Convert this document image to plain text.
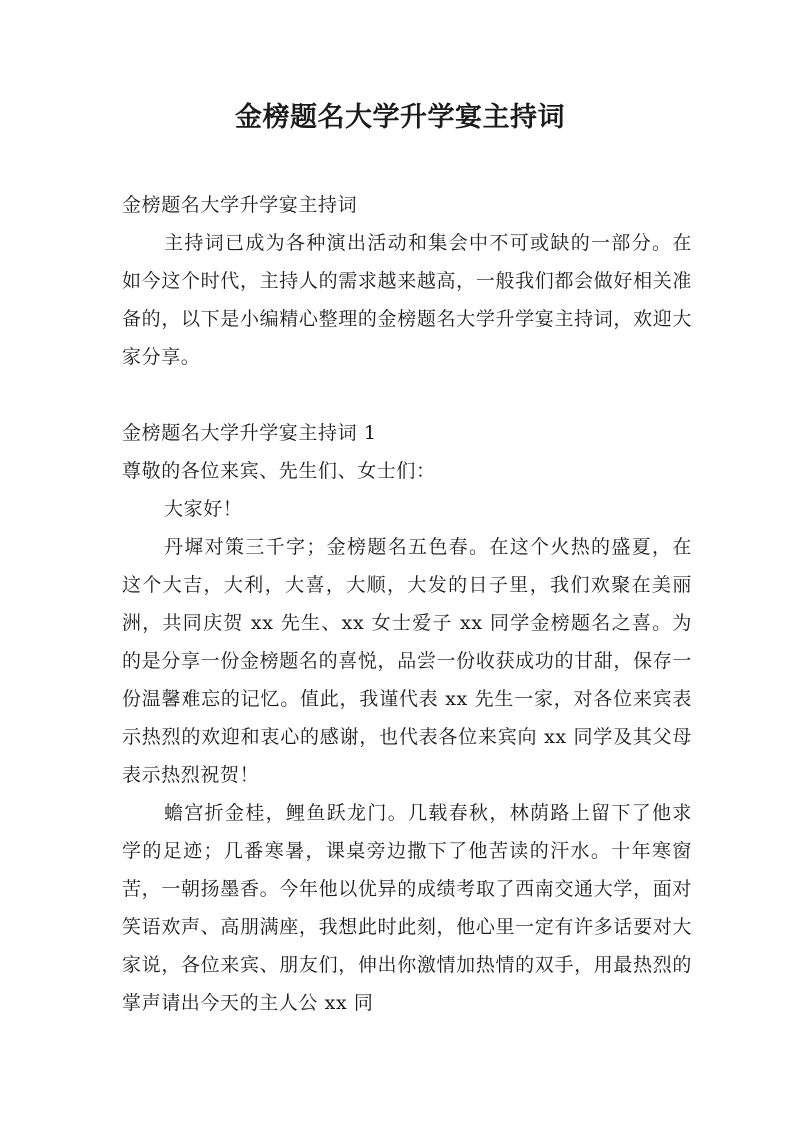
金榜题名大学升学宴主持词

金榜题名大学升学宴主持词

主持词已成为各种演出活动和集会中不可或缺的一部分。在如今这个时代，主持人的需求越来越高，一般我们都会做好相关准备的，以下是小编精心整理的金榜题名大学升学宴主持词，欢迎大家分享。

金榜题名大学升学宴主持词 1

尊敬的各位来宾、先生们、女士们：

大家好！

丹墀对策三千字；金榜题名五色春。在这个火热的盛夏，在这个大吉，大利，大喜，大顺，大发的日子里，我们欢聚在美丽洲，共同庆贺 xx 先生、xx 女士爱子 xx 同学金榜题名之喜。为的是分享一份金榜题名的喜悦，品尝一份收获成功的甘甜，保存一份温馨难忘的记忆。值此，我谨代表 xx 先生一家，对各位来宾表示热烈的欢迎和衷心的感谢，也代表各位来宾向 xx 同学及其父母表示热烈祝贺！

蟾宫折金桂，鲤鱼跃龙门。几载春秋，林荫路上留下了他求学的足迹；几番寒暑，课桌旁边撒下了他苦读的汗水。十年寒窗苦，一朝扬墨香。今年他以优异的成绩考取了西南交通大学，面对笑语欢声、高朋满座，我想此时此刻，他心里一定有许多话要对大家说，各位来宾、朋友们，伸出你激情加热情的双手，用最热烈的掌声请出今天的主人公 xx 同
